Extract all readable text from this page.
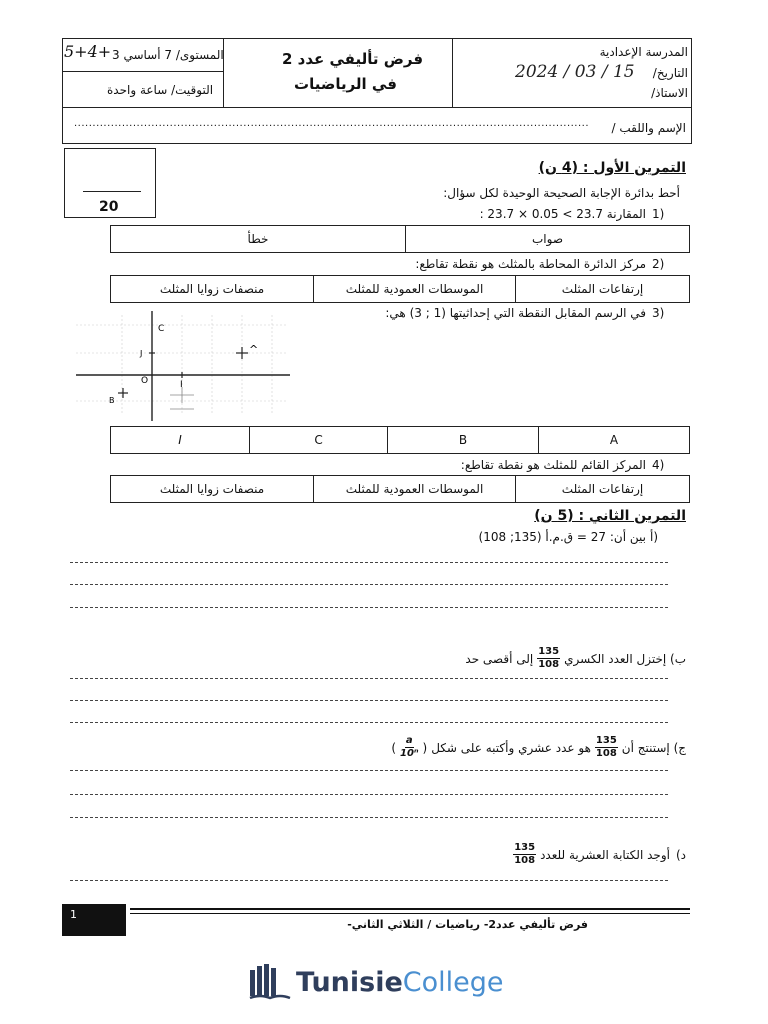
المدرسة الإعدادية
التاريخ/
2024 / 03 / 15
الاستاذ/
فرض تأليفي عدد 2
في الرياضيات
المستوى/ 7 أساسي 3
5+4+
التوقيت/ ساعة واحدة
الإسم واللقب /
............................................................................................................................................
20
التمرين الأول : (4 ن)
أحط بدائرة الإجابة الصحيحة الوحيدة لكل سؤال:
1)
المقارنة 23.7 > 0.05 × 23.7 :
صواب
خطأ
2)
مركز الدائرة المحاطة بالمثلث هو نقطة تقاطع:
إرتفاعات المثلث
الموسطات العمودية للمثلث
منصفات زوايا المثلث
3)
في الرسم المقابل النقطة التي إحداثيتها (1 ; 3) هي:
C
J
O	I
^
B
A
B
C
I
4)
المركز القائم للمثلث هو نقطة تقاطع:
إرتفاعات المثلث
الموسطات العمودية للمثلث
منصفات زوايا المثلث
التمرين الثاني : (5 ن)
أ)
بين أن: 27 = ق.م.أ (135; 108)
ب) إختزل العدد الكسري
$\frac{135}{108}$
إلى أقصى حد
ج) إستنتج أن
$\frac{135}{108}$
هو عدد عشري وأكتبه على شكل
( $\frac{a}{\text{10ⁿ}}$ )
د)
أوجد الكتابة العشرية للعدد
$\frac{135}{108}$
1
فرض تأليفي عدد2- رياضيات / الثلاثي الثاني-
Tunisie College
